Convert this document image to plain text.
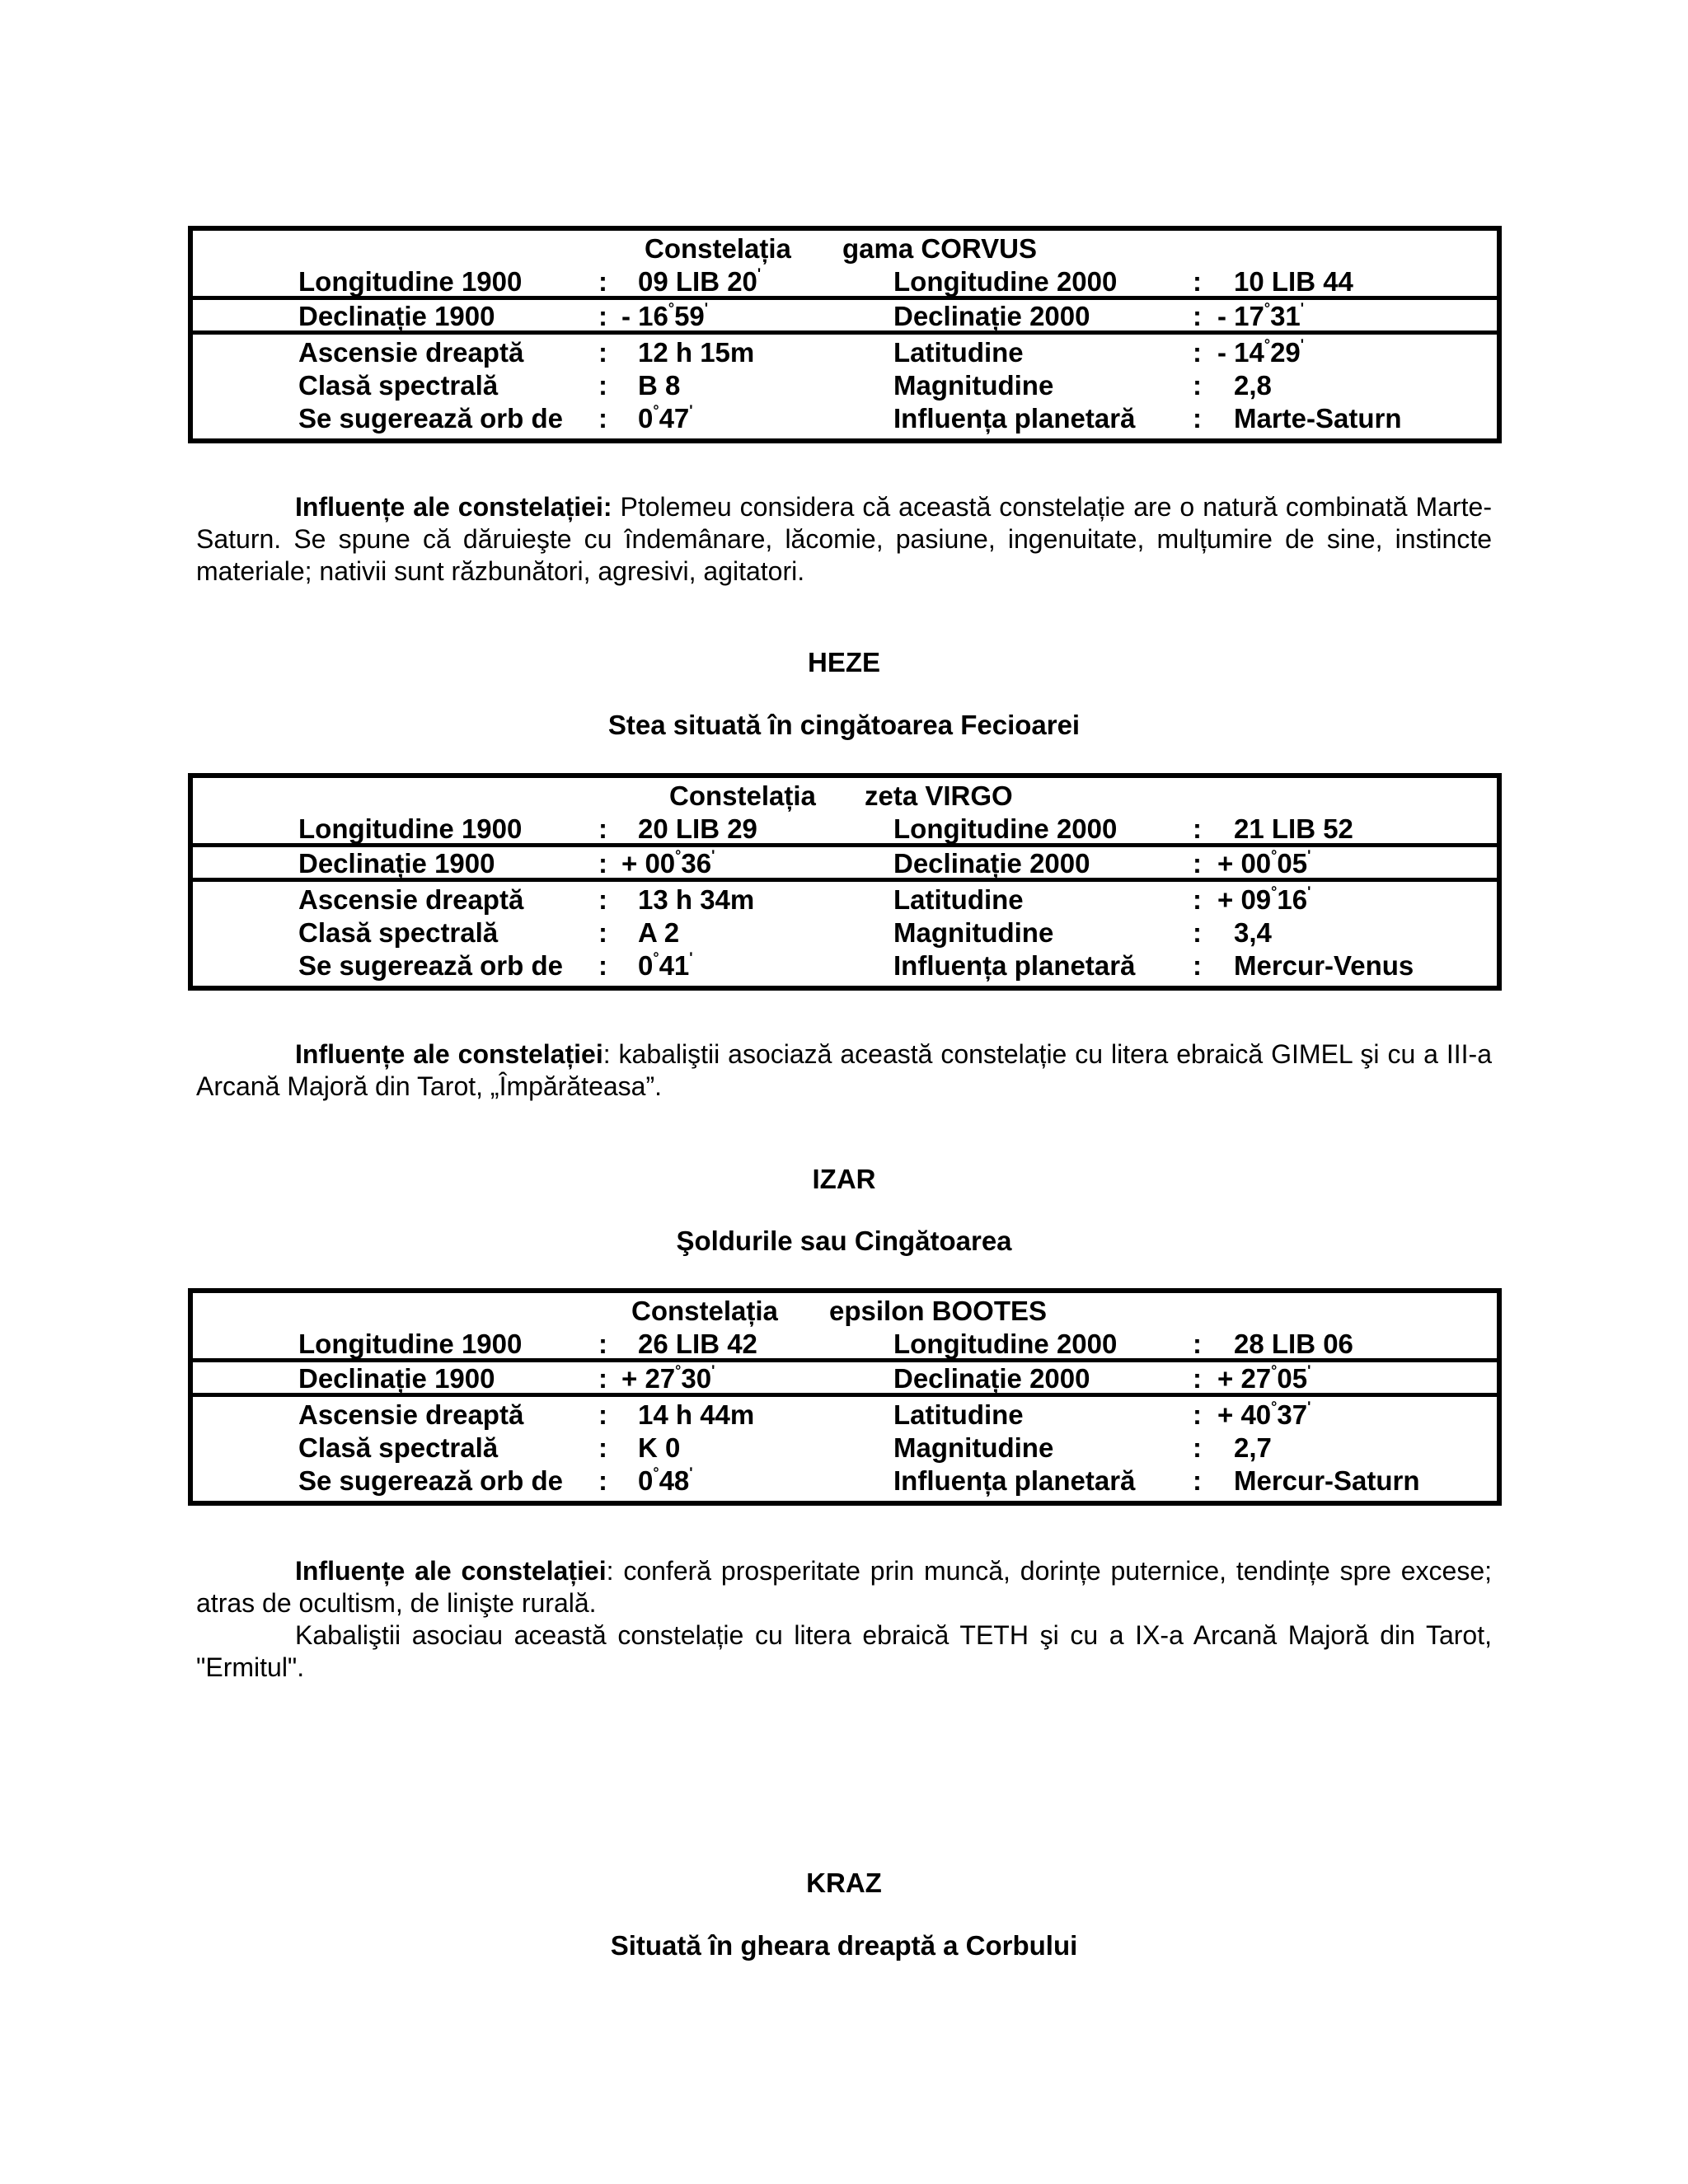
Constelația gama CORVUS
Longitudine 1900	: 09 LIB $20^ʹ$	Longitudine 2000	: 10 LIB 44
Declinație 1900	: - $16^\circ 59^ʹ$	Declinație 2000	: - $17^\circ 31^ʹ$
Ascensie dreaptă	: 12 h 15m	Latitudine	: - $14^\circ 29^ʹ$
Clasă spectrală	: B 8	Magnitudine	: 2,8
Se sugerează orb de : $0^\circ 47^ʹ$	Influența planetară : Marte-Saturn

Influențe ale constelației: Ptolemeu considera că această constelație are o natură combinată Marte-Saturn. Se spune că dăruieşte cu îndemânare, lăcomie, pasiune, ingenuitate, mulțumire de sine, instincte materiale; nativii sunt răzbunători, agresivi, agitatori.

HEZE
Stea situată în cingătoarea Fecioarei
Constelația zeta VIRGO
Longitudine 1900	: 20 LIB 29	Longitudine 2000	: 21 LIB 52
Declinație 1900	: + $00^\circ 36^ʹ$	Declinație 2000	: + $00^\circ 05^ʹ$
Ascensie dreaptă	: 13 h 34m	Latitudine	: + $09^\circ 16^ʹ$
Clasă spectrală	: A 2	Magnitudine	: 3,4
Se sugerează orb de : $0^\circ 41^ʹ$	Influența planetară : Mercur-Venus

Influențe ale constelației: kabaliştii asociază această constelație cu litera ebraică GIMEL şi cu a III-a Arcană Majoră din Tarot, „Împărăteasa”.

IZAR
Şoldurile sau Cingătoarea
Constelația epsilon BOOTES
Longitudine 1900	: 26 LIB 42	Longitudine 2000	: 28 LIB 06
Declinație 1900	: + $27^\circ 30^ʹ$	Declinație 2000	: + $27^\circ 05^ʹ$
Ascensie dreaptă	: 14 h 44m	Latitudine	: + $40^\circ 37^ʹ$
Clasă spectrală	: K 0	Magnitudine	: 2,7
Se sugerează orb de : $0^\circ 48^ʹ$	Influența planetară : Mercur-Saturn

Influențe ale constelației: conferă prosperitate prin muncă, dorințe puternice, tendințe spre excese; atras de ocultism, de linişte rurală.

Kabaliştii asociau această constelație cu litera ebraică TETH şi cu a IX-a Arcană Majoră din Tarot, "Ermitul".

KRAZ
Situată în gheara dreaptă a Corbului
